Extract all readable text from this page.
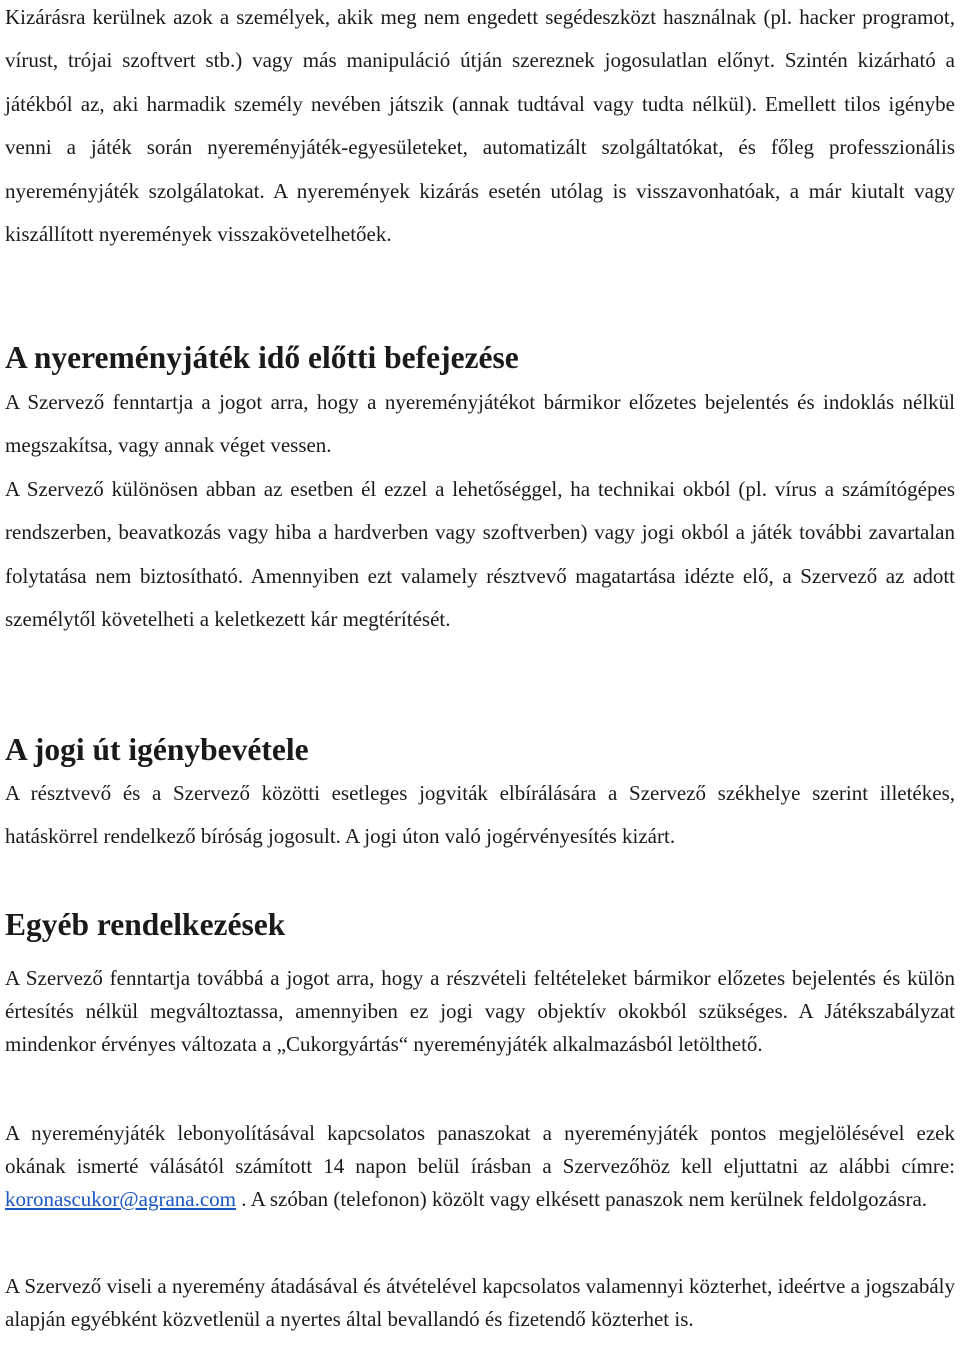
Kizárásra kerülnek azok a személyek, akik meg nem engedett segédeszközt használnak (pl. hacker programot, vírust, trójai szoftvert stb.) vagy más manipuláció útján szereznek jogosulatlan előnyt. Szintén kizárható a játékból az, aki harmadik személy nevében játszik (annak tudtával vagy tudta nélkül). Emellett tilos igénybe venni a játék során nyereményjáték-egyesületeket, automatizált szolgáltatókat, és főleg professzionális nyereményjáték szolgálatokat. A nyeremények kizárás esetén utólag is visszavonhatóak, a már kiutalt vagy kiszállított nyeremények visszakövetelhetőek.

A nyereményjáték idő előtti befejezése

A Szervező fenntartja a jogot arra, hogy a nyereményjátékot bármikor előzetes bejelentés és indoklás nélkül megszakítsa, vagy annak véget vessen.

A Szervező különösen abban az esetben él ezzel a lehetőséggel, ha technikai okból (pl. vírus a számítógépes rendszerben, beavatkozás vagy hiba a hardverben vagy szoftverben) vagy jogi okból a játék további zavartalan folytatása nem biztosítható. Amennyiben ezt valamely résztvevő magatartása idézte elő, a Szervező az adott személytől követelheti a keletkezett kár megtérítését.

A jogi út igénybevétele

A résztvevő és a Szervező közötti esetleges jogviták elbírálására a Szervező székhelye szerint illetékes, hatáskörrel rendelkező bíróság jogosult. A jogi úton való jogérvényesítés kizárt.

Egyéb rendelkezések

A Szervező fenntartja továbbá a jogot arra, hogy a részvételi feltételeket bármikor előzetes bejelentés és külön értesítés nélkül megváltoztassa, amennyiben ez jogi vagy objektív okokból szükséges. A Játékszabályzat mindenkor érvényes változata a „Cukorgyártás“ nyereményjáték alkalmazásból letölthető.

A nyereményjáték lebonyolításával kapcsolatos panaszokat a nyereményjáték pontos megjelölésével ezek okának ismerté válásától számított 14 napon belül írásban a Szervezőhöz kell eljuttatni az alábbi címre: koronascukor@agrana.com . A szóban (telefonon) közölt vagy elkésett panaszok nem kerülnek feldolgozásra.

A Szervező viseli a nyeremény átadásával és átvételével kapcsolatos valamennyi közterhet, ideértve a jogszabály alapján egyébként közvetlenül a nyertes által bevallandó és fizetendő közterhet is.
